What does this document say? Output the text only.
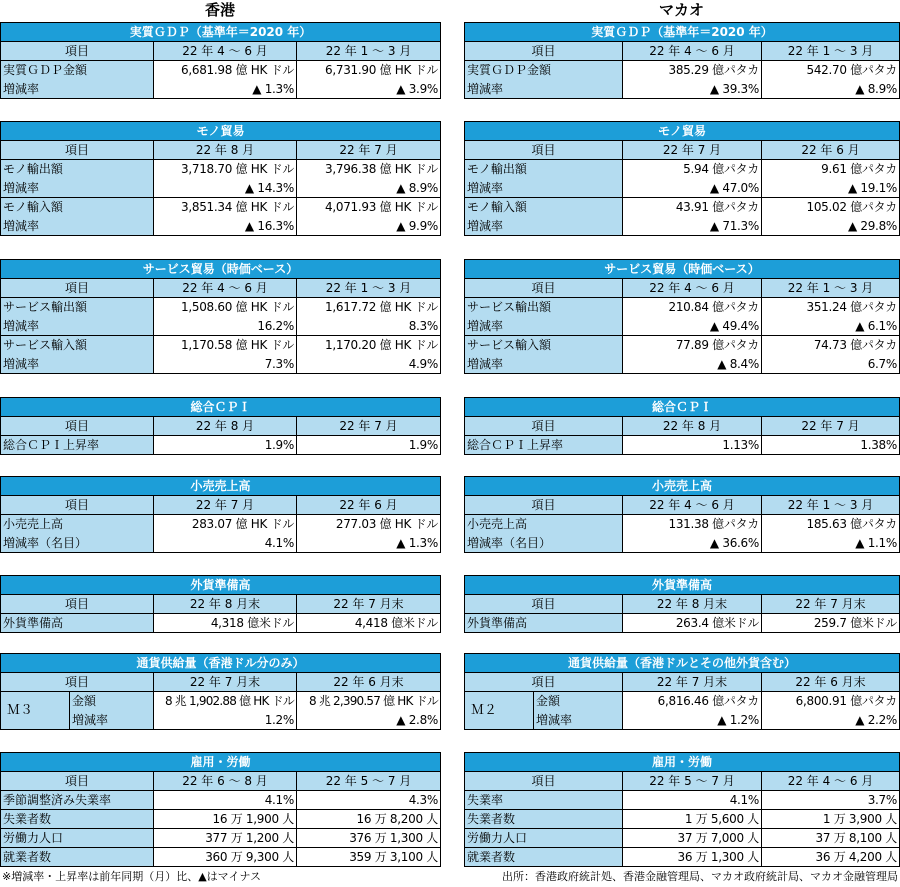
香港
実質ＧＤＰ（基準年＝2020 年）		
項目	22 年 4 ～ 6 月	22 年 1 ～ 3 月
実質ＧＤＰ金額	6,681.98 億 HK ドル	6,731.90 億 HK ドル
増減率	▲ 1.3%	▲ 3.9%
モノ貿易		
項目	22 年 8 月	22 年 7 月
モノ輸出額	3,718.70 億 HK ドル	3,796.38 億 HK ドル
増減率	▲ 14.3%	▲ 8.9%
モノ輸入額	3,851.34 億 HK ドル	4,071.93 億 HK ドル
増減率	▲ 16.3%	▲ 9.9%
サービス貿易（時価ベース）		
項目	22 年 4 ～ 6 月	22 年 1 ～ 3 月
サービス輸出額	1,508.60 億 HK ドル	1,617.72 億 HK ドル
増減率	16.2%	8.3%
サービス輸入額	1,170.58 億 HK ドル	1,170.20 億 HK ドル
増減率	7.3%	4.9%
総合ＣＰＩ		
項目	22 年 8 月	22 年 7 月
総合ＣＰＩ上昇率	1.9%	1.9%
小売売上高		
項目	22 年 7 月	22 年 6 月
小売売上高	283.07 億 HK ドル	277.03 億 HK ドル
増減率（名目）	4.1%	▲ 1.3%
外貨準備高		
項目	22 年 8 月末	22 年 7 月末
外貨準備高	4,318 億米ドル	4,418 億米ドル
通貨供給量（香港ドル分のみ）			
項目		22 年 7 月末	22 年 6 月末
Ｍ３	金額	8 兆 1,902.88 億 HK ドル	8 兆 2,390.57 億 HK ドル
	増減率	1.2%	▲ 2.8%
雇用・労働		
項目	22 年 6 ～ 8 月	22 年 5 ～ 7 月
季節調整済み失業率	4.1%	4.3%
失業者数	16 万 1,900 人	16 万 8,200 人
労働力人口	377 万 1,200 人	376 万 1,300 人
就業者数	360 万 9,300 人	359 万 3,100 人
マカオ
実質ＧＤＰ（基準年＝2020 年）		
項目	22 年 4 ～ 6 月	22 年 1 ～ 3 月
実質ＧＤＰ金額	385.29 億パタカ	542.70 億パタカ
増減率	▲ 39.3%	▲ 8.9%
モノ貿易		
項目	22 年 7 月	22 年 6 月
モノ輸出額	5.94 億パタカ	9.61 億パタカ
増減率	▲ 47.0%	▲ 19.1%
モノ輸入額	43.91 億パタカ	105.02 億パタカ
増減率	▲ 71.3%	▲ 29.8%
サービス貿易（時価ベース）		
項目	22 年 4 ～ 6 月	22 年 1 ～ 3 月
サービス輸出額	210.84 億パタカ	351.24 億パタカ
増減率	▲ 49.4%	▲ 6.1%
サービス輸入額	77.89 億パタカ	74.73 億パタカ
増減率	▲ 8.4%	6.7%
総合ＣＰＩ		
項目	22 年 8 月	22 年 7 月
総合ＣＰＩ上昇率	1.13%	1.38%
小売売上高		
項目	22 年 4 ～ 6 月	22 年 1 ～ 3 月
小売売上高	131.38 億パタカ	185.63 億パタカ
増減率（名目）	▲ 36.6%	▲ 1.1%
外貨準備高		
項目	22 年 8 月末	22 年 7 月末
外貨準備高	263.4 億米ドル	259.7 億米ドル
通貨供給量（香港ドルとその他外貨含む）			
項目		22 年 7 月末	22 年 6 月末
Ｍ２	金額	6,816.46 億パタカ	6,800.91 億パタカ
	増減率	▲ 1.2%	▲ 2.2%
雇用・労働		
項目	22 年 5 ～ 7 月	22 年 4 ～ 6 月
失業率	4.1%	3.7%
失業者数	1 万 5,600 人	1 万 3,900 人
労働力人口	37 万 7,000 人	37 万 8,100 人
就業者数	36 万 1,300 人	36 万 4,200 人
※増減率・上昇率は前年同期（月）比、▲はマイナス	出所：香港政府統計処、香港金融管理局、マカオ政府統計局、マカオ金融管理局
